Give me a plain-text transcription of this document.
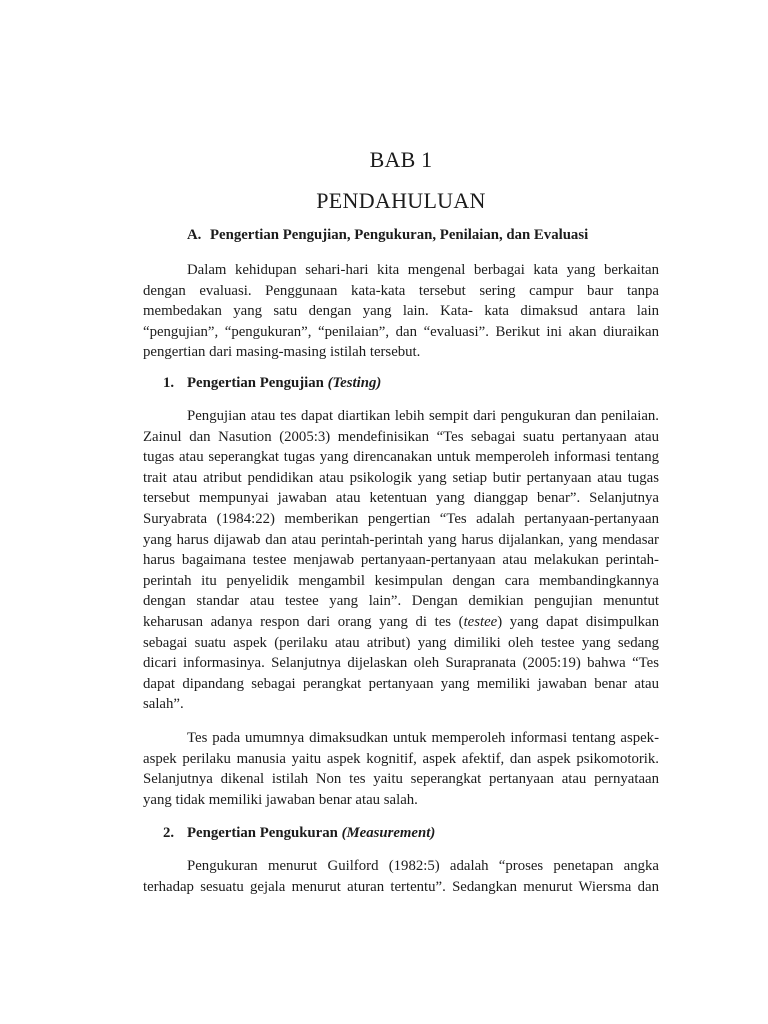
BAB 1
PENDAHULUAN
A. Pengertian Pengujian, Pengukuran, Penilaian, dan Evaluasi
Dalam kehidupan sehari-hari kita mengenal berbagai kata yang berkaitan
dengan evaluasi. Penggunaan kata-kata tersebut sering campur baur tanpa
membedakan yang satu dengan yang lain. Kata- kata dimaksud antara lain
“pengujian”, “pengukuran”, “penilaian”, dan “evaluasi”. Berikut ini akan diuraikan
pengertian dari masing-masing istilah tersebut.
1. Pengertian Pengujian (Testing)
Pengujian atau tes dapat diartikan lebih sempit dari pengukuran dan penilaian.
Zainul dan Nasution (2005:3) mendefinisikan “Tes sebagai suatu pertanyaan atau
tugas atau seperangkat tugas yang direncanakan untuk memperoleh informasi tentang
trait atau atribut pendidikan atau psikologik yang setiap butir pertanyaan atau tugas
tersebut mempunyai jawaban atau ketentuan yang dianggap benar”. Selanjutnya
Suryabrata (1984:22) memberikan pengertian “Tes adalah pertanyaan-pertanyaan
yang harus dijawab dan atau perintah-perintah yang harus dijalankan, yang mendasar
harus bagaimana testee menjawab pertanyaan-pertanyaan atau melakukan perintah-
perintah itu penyelidik mengambil kesimpulan dengan cara membandingkannya
dengan standar atau testee yang lain”. Dengan demikian pengujian menuntut
keharusan adanya respon dari orang yang di tes (testee) yang dapat disimpulkan
sebagai suatu aspek (perilaku atau atribut) yang dimiliki oleh testee yang sedang
dicari informasinya. Selanjutnya dijelaskan oleh Surapranata (2005:19) bahwa “Tes
dapat dipandang sebagai perangkat pertanyaan yang memiliki jawaban benar atau
salah”.
Tes pada umumnya dimaksudkan untuk memperoleh informasi tentang aspek-
aspek perilaku manusia yaitu aspek kognitif, aspek afektif, dan aspek psikomotorik.
Selanjutnya dikenal istilah Non tes yaitu seperangkat pertanyaan atau pernyataan
yang tidak memiliki jawaban benar atau salah.
2. Pengertian Pengukuran (Measurement)
Pengukuran menurut Guilford (1982:5) adalah “proses penetapan angka
terhadap sesuatu gejala menurut aturan tertentu”. Sedangkan menurut Wiersma dan
